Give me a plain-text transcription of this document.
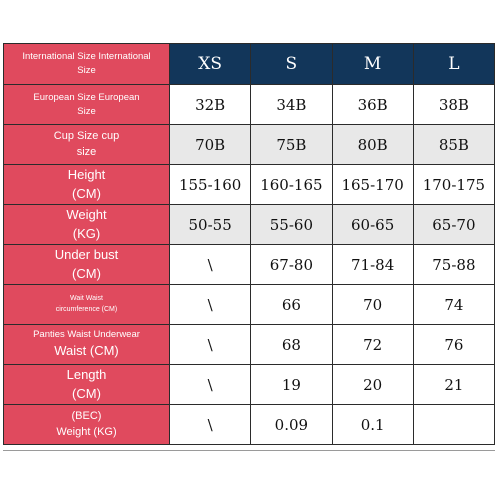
International Size International
Size	XS	S	M	L

European Size European
Size	32B	34B	36B	38B

Cup Size cup
size	70B	75B	80B	85B

Height
(CM)	155-160	160-165	165-170	170-175

Weight
(KG)	50-55	55-60	60-65	65-70

Under bust
(CM)	\	67-80	71-84	75-88

Wait Waist
circumference (CM)	\	66	70	74

Panties Waist Underwear
Waist (CM)	\	68	72	76

Length
(CM)	\	19	20	21

(BEC)
Weight (KG)	\	0.09	0.1	
